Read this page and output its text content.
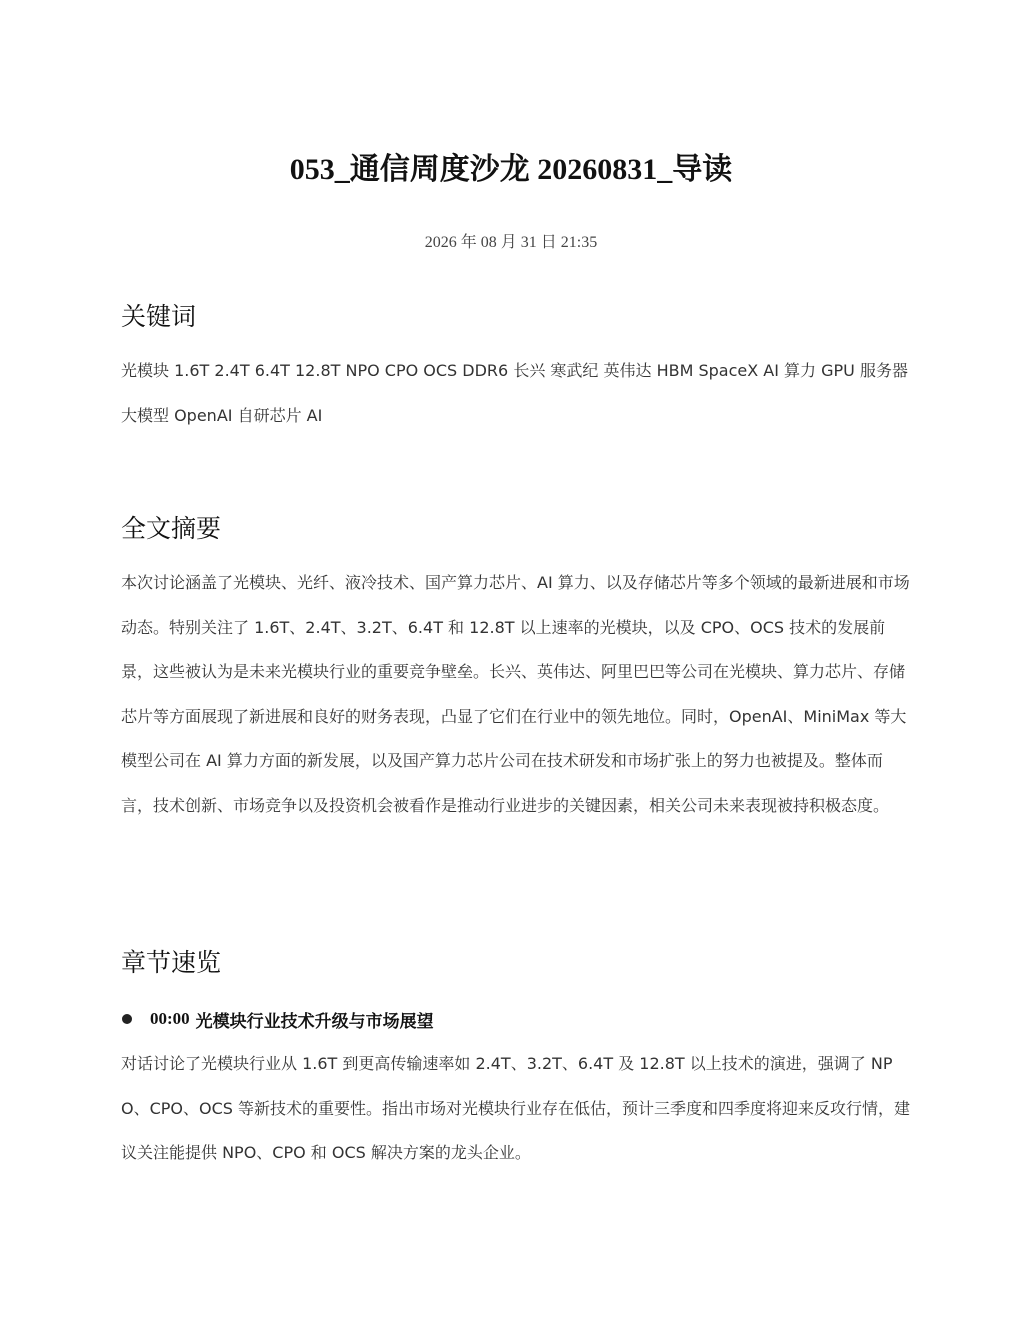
053_通信周度沙龙 20260831_导读
2026 年 08 月 31 日 21:35
关键词

光模块 1.6T 2.4T 6.4T 12.8T NPO CPO OCS DDR6 长兴 寒武纪 英伟达 HBM SpaceX AI 算力 GPU 服务器 大模型 OpenAI 自研芯片 AI

全文摘要

本次讨论涵盖了光模块、光纤、液冷技术、国产算力芯片、AI 算力、以及存储芯片等多个领域的最新进展和市场动态。特别关注了 1.6T、2.4T、3.2T、6.4T 和 12.8T 以上速率的光模块，以及 CPO、OCS 技术的发展前景，这些被认为是未来光模块行业的重要竞争壁垒。长兴、英伟达、阿里巴巴等公司在光模块、算力芯片、存储芯片等方面展现了新进展和良好的财务表现，凸显了它们在行业中的领先地位。同时，OpenAI、MiniMax 等大模型公司在 AI 算力方面的新发展，以及国产算力芯片公司在技术研发和市场扩张上的努力也被提及。整体而言，技术创新、市场竞争以及投资机会被看作是推动行业进步的关键因素，相关公司未来表现被持积极态度。

章节速览
00:00 光模块行业技术升级与市场展望

对话讨论了光模块行业从 1.6T 到更高传输速率如 2.4T、3.2T、6.4T 及 12.8T 以上技术的演进，强调了 NPO、CPO、OCS 等新技术的重要性。指出市场对光模块行业存在低估，预计三季度和四季度将迎来反攻行情，建议关注能提供 NPO、CPO 和 OCS 解决方案的龙头企业。
